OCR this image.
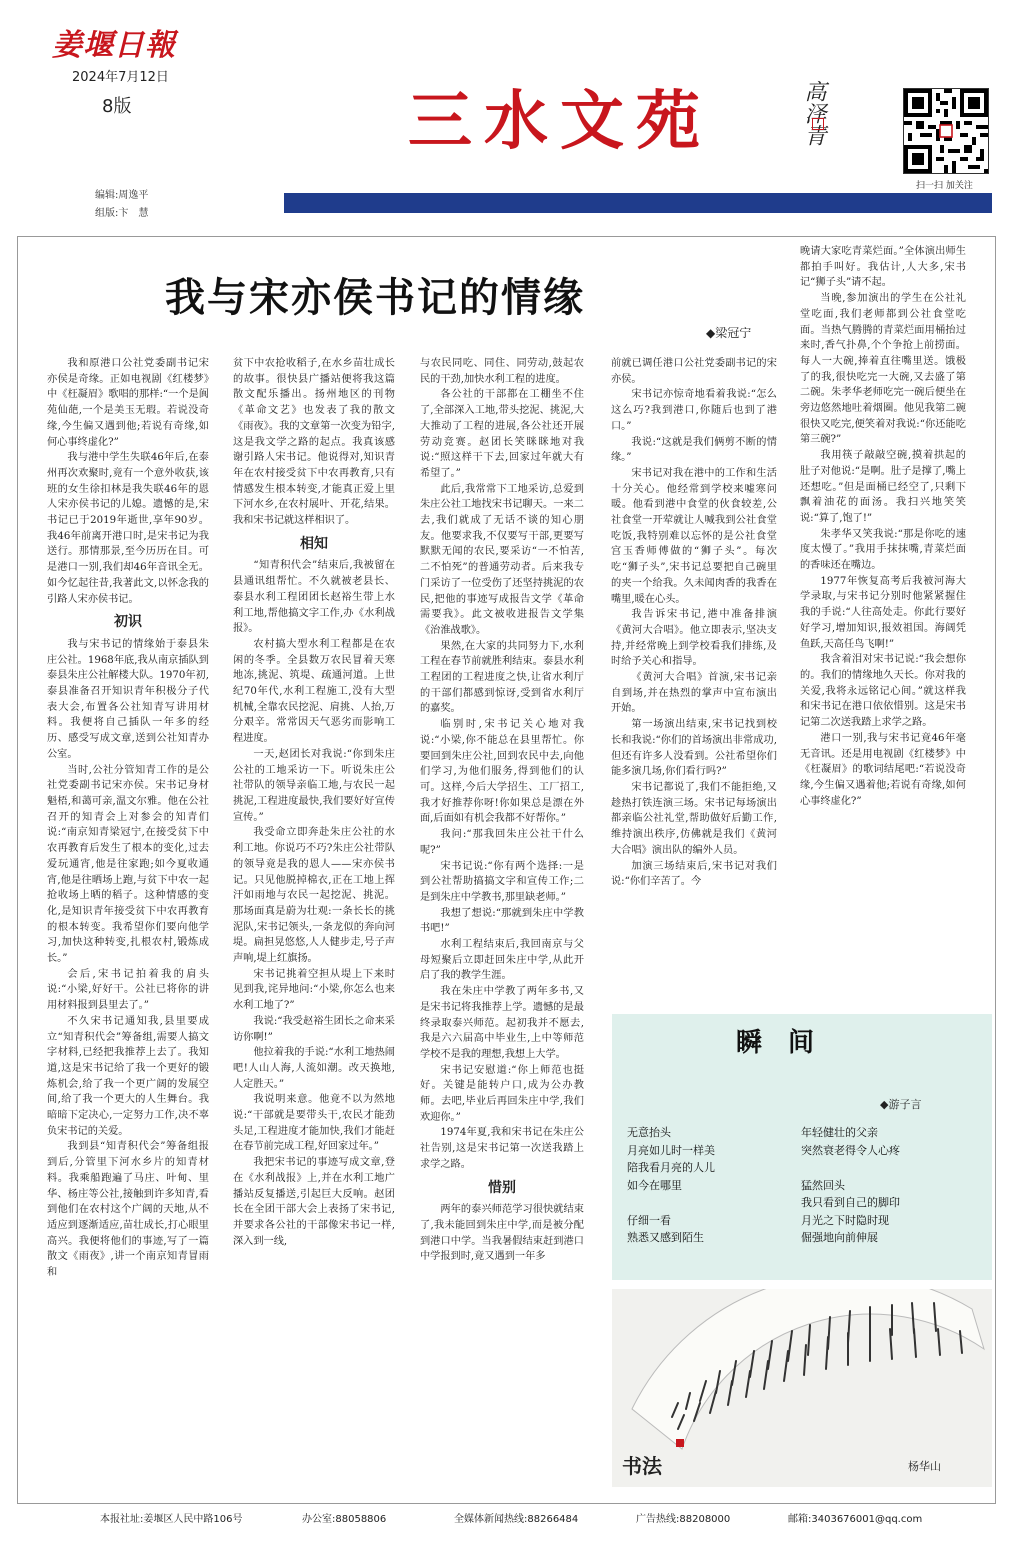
姜堰日報
2024年7月12日
8版	三水文苑	高泽青
扫一扫 加关注
编辑:周逸平
组版:卞　慧
我与宋亦侯书记的情缘
◆梁冠宁

我和原港口公社党委副书记宋亦侯是奇缘。正如电视剧《红楼梦》中《枉凝眉》歌唱的那样:“一个是阆苑仙葩,一个是美玉无瑕。若说没奇缘,今生偏又遇到他;若说有奇缘,如何心事终虚化?”

我与港中学生失联46年后,在泰州再次欢聚时,竟有一个意外收获,该班的女生徐扣林是我失联46年的恩人宋亦侯书记的儿媳。遗憾的是,宋书记已于2019年逝世,享年90岁。我46年前离开港口时,是宋书记为我送行。那情那景,至今历历在目。可是港口一别,我们却46年音讯全无。如今忆起往昔,我著此文,以怀念我的引路人宋亦侯书记。

初识

我与宋书记的情缘始于泰县朱庄公社。1968年底,我从南京插队到泰县朱庄公社解楼大队。1970年初,泰县准备召开知识青年积极分子代表大会,布置各公社知青写讲用材料。我便将自己插队一年多的经历、感受写成文章,送到公社知青办公室。

当时,公社分管知青工作的是公社党委副书记宋亦侯。宋书记身材魁梧,和蔼可亲,温文尔雅。他在公社召开的知青会上对参会的知青们说:“南京知青梁冠宁,在接受贫下中农再教育后发生了根本的变化,过去爱玩通宵,他是往家跑;如今夏收通宵,他是往晒场上跑,与贫下中农一起抢收场上晒的稻子。这种情感的变化,是知识青年接受贫下中农再教育的根本转变。我希望你们要向他学习,加快这种转变,扎根农村,锻炼成长。”

会后,宋书记拍着我的肩头说:“小梁,好好干。公社已将你的讲用材料报到县里去了。”

不久宋书记通知我,县里要成立“知青积代会”筹备组,需要人搞文字材料,已经把我推荐上去了。我知道,这是宋书记给了我一个更好的锻炼机会,给了我一个更广阔的发展空间,给了我一个更大的人生舞台。我暗暗下定决心,一定努力工作,决不辜负宋书记的关爱。

我到县“知青积代会”筹备组报到后,分管里下河水乡片的知青材料。我乘船跑遍了马庄、叶甸、里华、杨庄等公社,接触到许多知青,看到他们在农村这个广阔的天地,从不适应到逐渐适应,苗壮成长,打心眼里高兴。我便将他们的事迹,写了一篇散文《雨夜》,讲一个南京知青冒雨和

贫下中农抢收稻子,在水乡苗壮成长的故事。很快县广播站便将我这篇散文配乐播出。扬州地区的刊物《革命文艺》也发表了我的散文《雨夜》。我的文章第一次变为铅字,这是我文学之路的起点。我真该感谢引路人宋书记。他说得对,知识青年在农村接受贫下中农再教育,只有情感发生根本转变,才能真正爱上里下河水乡,在农村展叶、开花,结果。我和宋书记就这样相识了。

相知

“知青积代会”结束后,我被留在县通讯组帮忙。不久就被老县长、泰县水利工程团团长赵裕生带上水利工地,帮他搞文字工作,办《水利战报》。

农村搞大型水利工程都是在农闲的冬季。全县数万农民冒着天寒地冻,挑泥、筑堤、疏通河道。上世纪70年代,水利工程施工,没有大型机械,全靠农民挖泥、肩挑、人抬,万分艰辛。常常因天气恶劣而影响工程进度。

一天,赵团长对我说:“你到朱庄公社的工地采访一下。听说朱庄公社带队的领导亲临工地,与农民一起挑泥,工程进度最快,我们要好好宣传宣传。”

我受命立即奔赴朱庄公社的水利工地。你说巧不巧?朱庄公社带队的领导竟是我的恩人——宋亦侯书记。只见他脱掉棉衣,正在工地上挥汗如雨地与农民一起挖泥、挑泥。那场面真是蔚为壮观:一条长长的挑泥队,宋书记领头,一条龙似的奔向河堤。扁担晃悠悠,人人健步走,号子声声响,堤上红旗扬。

宋书记挑着空担从堤上下来时见到我,诧异地问:“小梁,你怎么也来水利工地了?”

我说:“我受赵裕生团长之命来采访你啊!”

他拉着我的手说:“水利工地热闹吧!人山人海,人流如潮。改天换地,人定胜天。”

我说明来意。他竟不以为然地说:“干部就是要带头干,农民才能劲头足,工程进度才能加快,我们才能赶在春节前完成工程,好回家过年。”

我把宋书记的事迹写成文章,登在《水利战报》上,并在水利工地广播站反复播送,引起巨大反响。赵团长在全团干部大会上表扬了宋书记,并要求各公社的干部像宋书记一样,深入到一线,

与农民同吃、同住、同劳动,鼓起农民的干劲,加快水利工程的进度。

各公社的干部都在工棚坐不住了,全部深入工地,带头挖泥、挑泥,大大推动了工程的进展,各公社还开展劳动竞赛。赵团长笑眯眯地对我说:“照这样干下去,回家过年就大有希望了。”

此后,我常常下工地采访,总爱到朱庄公社工地找宋书记聊天。一来二去,我们就成了无话不谈的知心朋友。他要求我,不仅要写干部,更要写默默无闻的农民,要采访“一不怕苦,二不怕死”的普通劳动者。后来我专门采访了一位受伤了还坚持挑泥的农民,把他的事迹写成报告文学《革命需要我》。此文被收进报告文学集《治淮战歌》。

果然,在大家的共同努力下,水利工程在春节前就胜利结束。泰县水利工程团的工程进度之快,让省水利厅的干部们都感到惊讶,受到省水利厅的嘉奖。

临别时,宋书记关心地对我说:“小梁,你不能总在县里帮忙。你要回到朱庄公社,回到农民中去,向他们学习,为他们服务,得到他们的认可。这样,今后大学招生、工厂招工,我才好推荐你呀!你如果总是漂在外面,后面如有机会我都不好帮你。”

我问:“那我回朱庄公社干什么呢?”

宋书记说:“你有两个选择:一是到公社帮助搞搞文字和宣传工作;二是到朱庄中学教书,那里缺老师。”

我想了想说:“那就到朱庄中学教书吧!”

水利工程结束后,我回南京与父母短聚后立即赶回朱庄中学,从此开启了我的教学生涯。

我在朱庄中学教了两年多书,又是宋书记将我推荐上学。遗憾的是最终录取泰兴师范。起初我并不愿去,我是六六届高中毕业生,上中等师范学校不是我的理想,我想上大学。

宋书记安慰道:“你上师范也挺好。关键是能转户口,成为公办教师。去吧,毕业后再回朱庄中学,我们欢迎你。”

1974年夏,我和宋书记在朱庄公社告别,这是宋书记第一次送我踏上求学之路。

惜别

两年的泰兴师范学习很快就结束了,我未能回到朱庄中学,而是被分配到港口中学。当我暑假结束赶到港口中学报到时,竟又遇到一年多

前就已调任港口公社党委副书记的宋亦侯。

宋书记亦惊奇地看着我说:“怎么这么巧?我到港口,你随后也到了港口。”

我说:“这就是我们俩剪不断的情缘。”

宋书记对我在港中的工作和生活十分关心。他经常到学校来嘘寒问暖。他看到港中食堂的伙食较差,公社食堂一开荤就让人喊我到公社食堂吃饭,我特别难以忘怀的是公社食堂宫玉香师傅做的“狮子头”。每次吃“狮子头”,宋书记总要把自己碗里的夹一个给我。久未闻肉香的我香在嘴里,暖在心头。

我告诉宋书记,港中准备排演《黄河大合唱》。他立即表示,坚决支持,并经常晚上到学校看我们排练,及时给予关心和指导。

《黄河大合唱》首演,宋书记亲自到场,并在热烈的掌声中宣布演出开始。

第一场演出结束,宋书记找到校长和我说:“你们的首场演出非常成功,但还有许多人没看到。公社希望你们能多演几场,你们看行吗?”

宋书记都说了,我们不能拒绝,又趁热打铁连演三场。宋书记每场演出都亲临公社礼堂,帮助做好后勤工作,维持演出秩序,仿佛就是我们《黄河大合唱》演出队的编外人员。

加演三场结束后,宋书记对我们说:“你们辛苦了。今

晚请大家吃青菜烂面。”全体演出师生都拍手叫好。我估计,人大多,宋书记“狮子头”请不起。

当晚,参加演出的学生在公社礼堂吃面,我们老师都到公社食堂吃面。当热气腾腾的青菜烂面用桶抬过来时,香气扑鼻,个个争抢上前捞面。每人一大碗,捧着直往嘴里送。饿极了的我,很快吃完一大碗,又去盛了第二碗。朱孝华老师吃完一碗后便坐在旁边悠然地吐着烟圈。他见我第二碗很快又吃完,便笑着对我说:“你还能吃第三碗?”

我用筷子敲敲空碗,摸着拱起的肚子对他说:“是啊。肚子是撑了,嘴上还想吃。”但是面桶已经空了,只剩下飘着油花的面汤。我扫兴地笑笑说:“算了,饱了!”

朱孝华又笑我说:“那是你吃的速度太慢了。”我用手抹抹嘴,青菜烂面的香味还在嘴边。

1977年恢复高考后我被河海大学录取,与宋书记分别时他紧紧握住我的手说:“人往高处走。你此行要好好学习,增加知识,报效祖国。海阔凭鱼跃,天高任鸟飞啊!”

我含着泪对宋书记说:“我会想你的。我们的情缘地久天长。你对我的关爱,我将永远铭记心间。”就这样我和宋书记在港口依依惜别。这是宋书记第二次送我踏上求学之路。

港口一别,我与宋书记竟46年毫无音讯。还是用电视剧《红楼梦》中《枉凝眉》的歌词结尾吧:“若说没奇缘,今生偏又遇着他;若说有奇缘,如何心事终虚化?”

瞬间
◆游子言
无意抬头
月亮如儿时一样美
陪我看月亮的人儿
如今在哪里
仔细一看
熟悉又感到陌生
年轻健壮的父亲
突然衰老得令人心疼
猛然回头
我只看到自己的脚印
月光之下时隐时现
倔强地向前伸展
书法	杨华山
本报社址:姜堰区人民中路106号	办公室:88058806	全媒体新闻热线:88266484	广告热线:88208000	邮箱:3403676001@qq.com
